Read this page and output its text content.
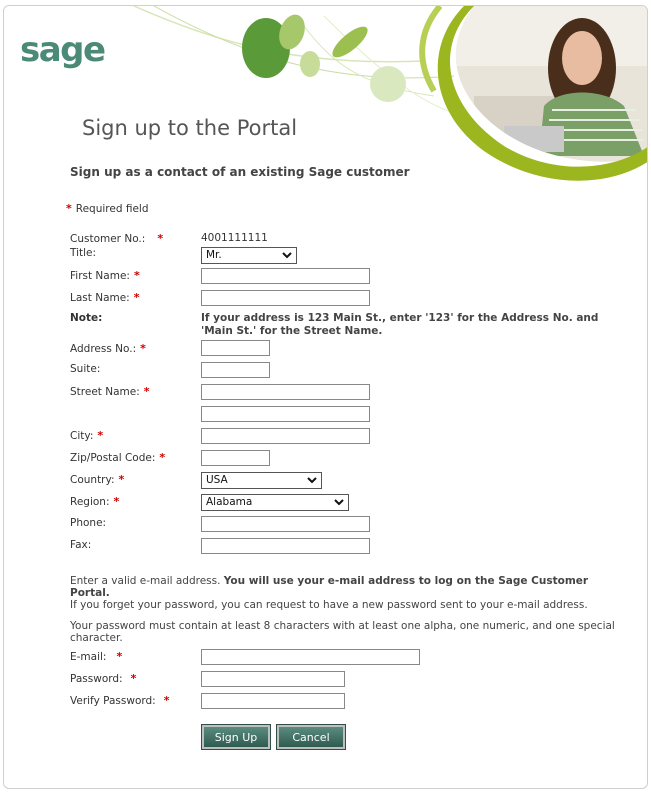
sage
Sign up to the Portal
Sign up as a contact of an existing Sage customer
* Required field
Customer No.: *	4001111111
Title:	Mr.
First Name: *
Last Name: *
Note:	If your address is 123 Main St., enter '123' for the Address No. and 'Main St.' for the Street Name.
Address No.: *
Suite:
Street Name: *
City: *
Zip/Postal Code: *
Country: *	USA
Region: *	Alabama
Phone:
Fax:
Enter a valid e-mail address. You will use your e-mail address to log on the Sage Customer Portal.
If you forget your password, you can request to have a new password sent to your e-mail address.
Your password must contain at least 8 characters with at least one alpha, one numeric, and one special character.
E-mail: *
Password: *
Verify Password: *
Sign Up	Cancel
